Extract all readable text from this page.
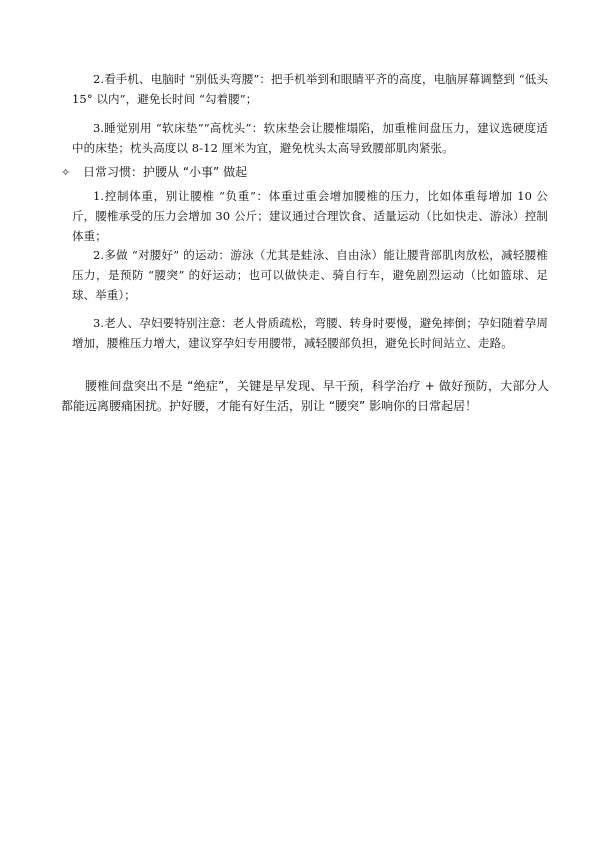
2.看手机、电脑时 “别低头弯腰”：把手机举到和眼睛平齐的高度，电脑屏幕调整到 “低头 15° 以内”，避免长时间 “勾着腰”；
3.睡觉别用 “软床垫”“高枕头”：软床垫会让腰椎塌陷，加重椎间盘压力，建议选硬度适中的床垫；枕头高度以 8-12 厘米为宜，避免枕头太高导致腰部肌肉紧张。
✧ 日常习惯：护腰从 “小事” 做起
1.控制体重，别让腰椎 “负重”：体重过重会增加腰椎的压力，比如体重每增加 10 公斤，腰椎承受的压力会增加 30 公斤；建议通过合理饮食、适量运动（比如快走、游泳）控制体重；
2.多做 “对腰好” 的运动：游泳（尤其是蛙泳、自由泳）能让腰背部肌肉放松，减轻腰椎压力，是预防 “腰突” 的好运动；也可以做快走、骑自行车，避免剧烈运动（比如篮球、足球、举重）；
3.老人、孕妇要特别注意：老人骨质疏松，弯腰、转身时要慢，避免摔倒；孕妇随着孕周增加，腰椎压力增大，建议穿孕妇专用腰带，减轻腰部负担，避免长时间站立、走路。
腰椎间盘突出不是 “绝症”，关键是早发现、早干预，科学治疗 + 做好预防，大部分人都能远离腰痛困扰。护好腰，才能有好生活，别让 “腰突” 影响你的日常起居！
